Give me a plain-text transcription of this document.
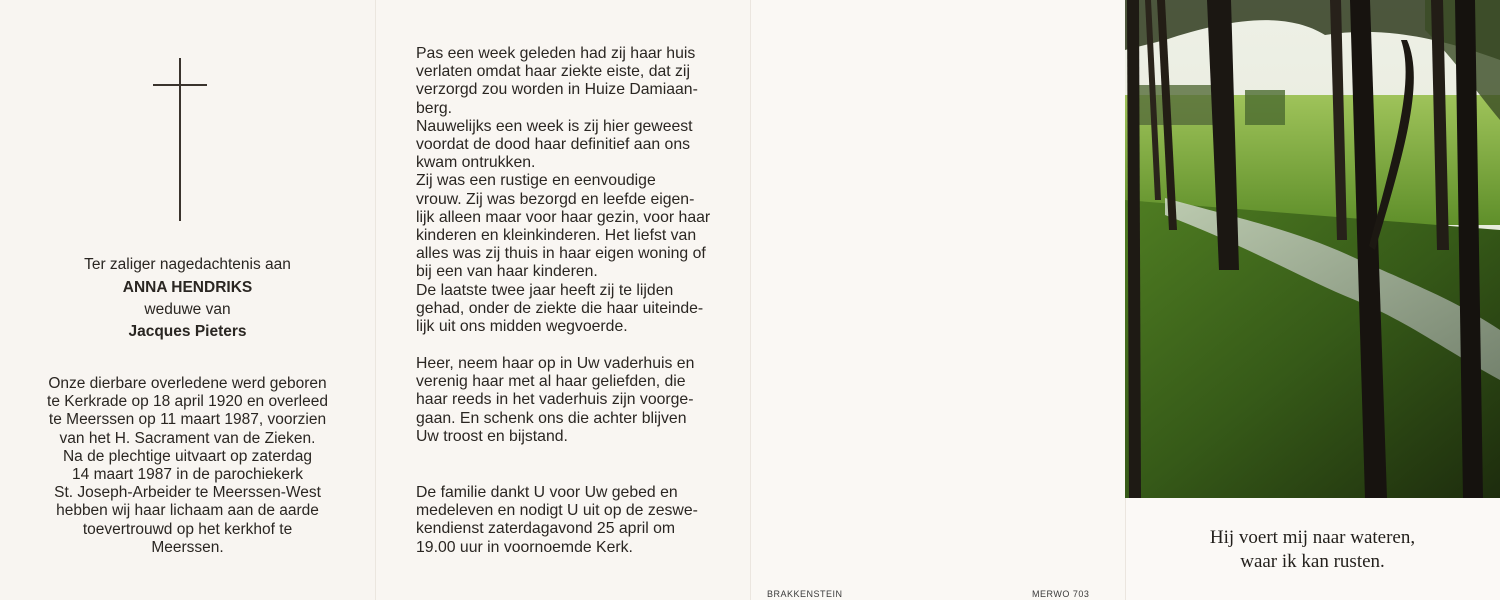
Ter zaliger nagedachtenis aan
ANNA HENDRIKS
weduwe van
Jacques Pieters
Onze dierbare overledene werd geboren
te Kerkrade op 18 april 1920 en overleed
te Meerssen op 11 maart 1987, voorzien
van het H. Sacrament van de Zieken.
Na de plechtige uitvaart op zaterdag
14 maart 1987 in de parochiekerk
St. Joseph-Arbeider te Meerssen-West
hebben wij haar lichaam aan de aarde
toevertrouwd op het kerkhof te
Meerssen.
Pas een week geleden had zij haar huis
verlaten omdat haar ziekte eiste, dat zij
verzorgd zou worden in Huize Damiaan-
berg.
Nauwelijks een week is zij hier geweest
voordat de dood haar definitief aan ons
kwam ontrukken.
Zij was een rustige en eenvoudige
vrouw. Zij was bezorgd en leefde eigen-
lijk alleen maar voor haar gezin, voor haar
kinderen en kleinkinderen. Het liefst van
alles was zij thuis in haar eigen woning of
bij een van haar kinderen.
De laatste twee jaar heeft zij te lijden
gehad, onder de ziekte die haar uiteinde-
lijk uit ons midden wegvoerde.
Heer, neem haar op in Uw vaderhuis en
verenig haar met al haar geliefden, die
haar reeds in het vaderhuis zijn voorge-
gaan. En schenk ons die achter blijven
Uw troost en bijstand.
De familie dankt U voor Uw gebed en
medeleven en nodigt U uit op de zeswe-
kendienst zaterdagavond 25 april om
19.00 uur in voornoemde Kerk.
BRAKKENSTEIN	MERWO 703
Hij voert mij naar wateren,
waar ik kan rusten.
